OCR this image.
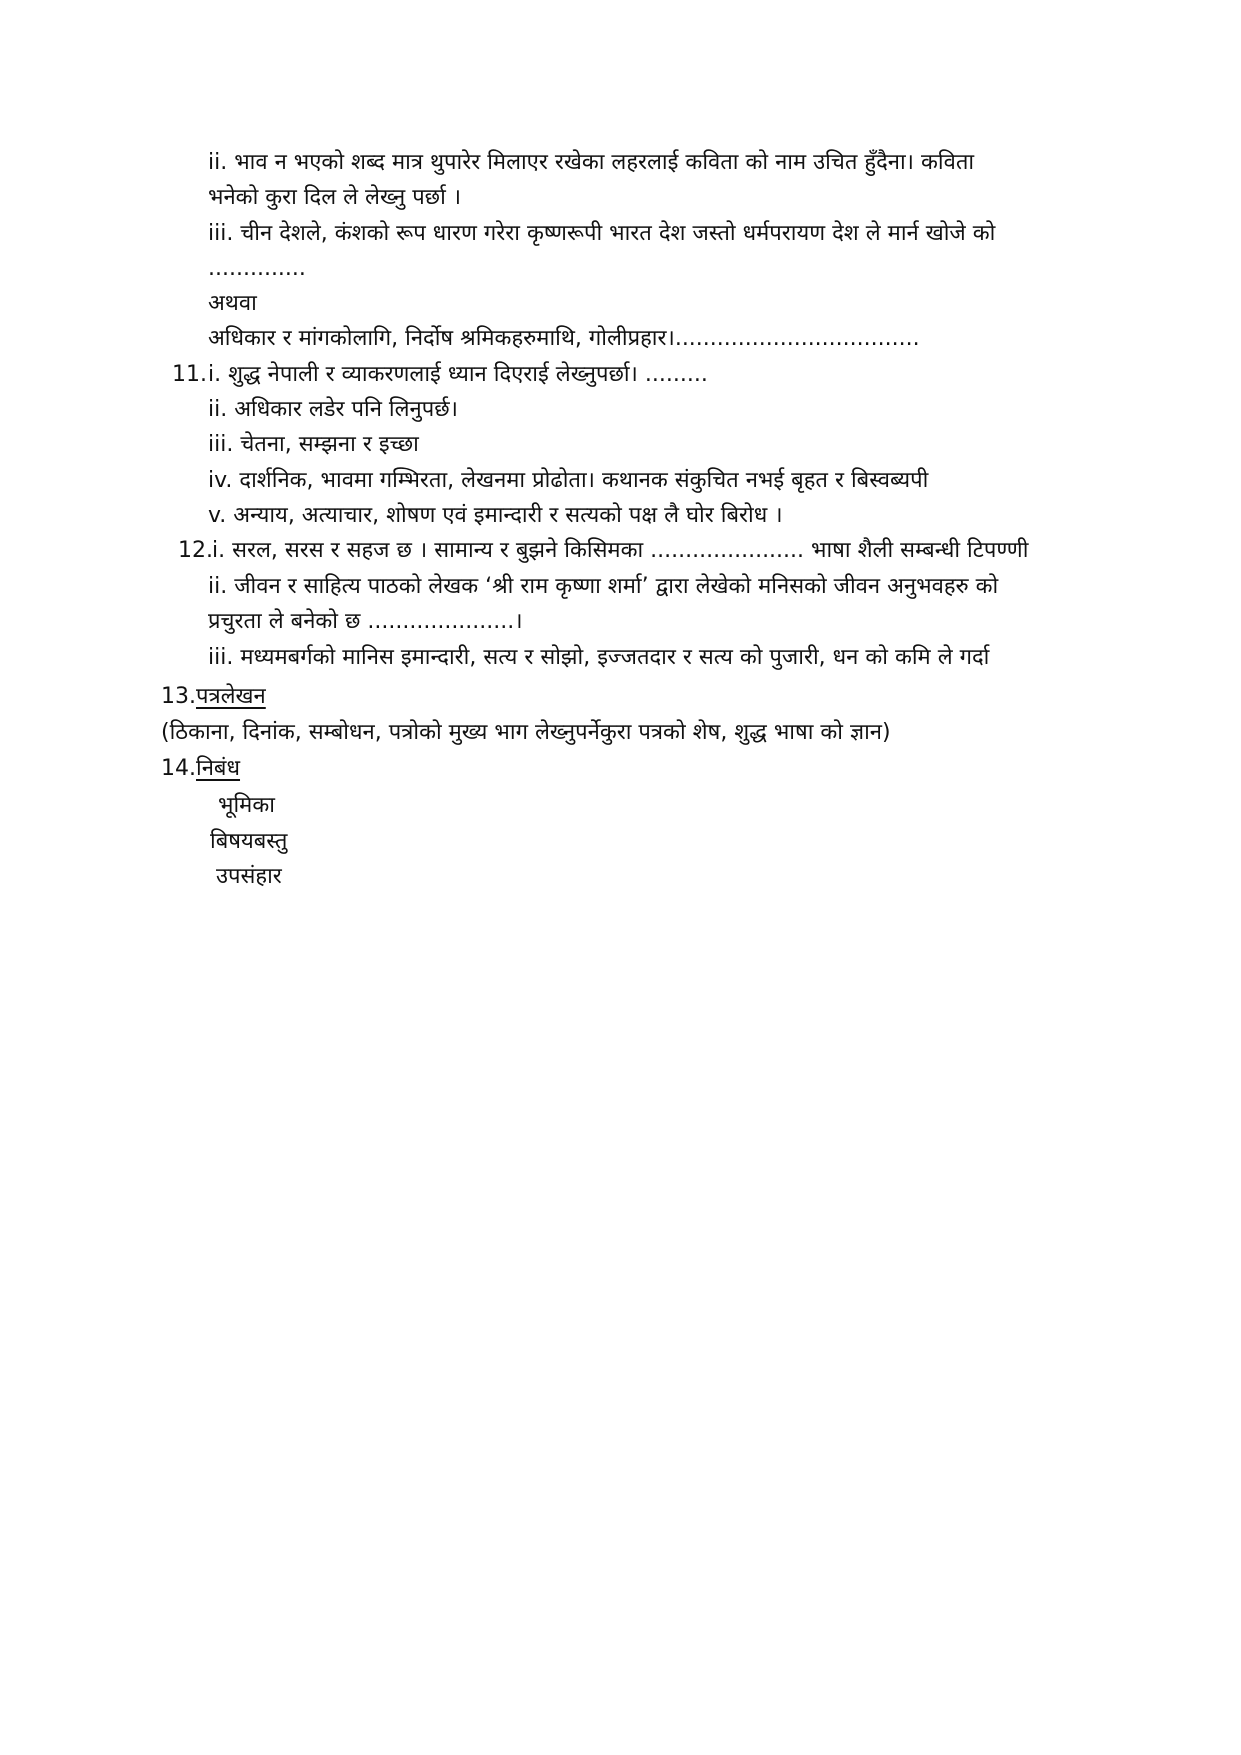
ii. भाव न भएको शब्द मात्र थुपारेर मिलाएर रखेका लहरलाई कविता को नाम उचित हुँदैना। कविता
भनेको कुरा दिल ले लेख्नु पर्छा ।
iii. चीन देशले, कंशको रूप धारण गरेरा कृष्णरूपी भारत देश जस्तो धर्मपरायण देश ले मार्न खोजे को
..............
अथवा
अधिकार र मांगकोलागि, निर्दोष श्रमिकहरुमाथि, गोलीप्रहार।...................................
11. i. शुद्ध नेपाली र व्याकरणलाई ध्यान दिएराई लेख्नुपर्छा। .........
ii. अधिकार लडेर पनि लिनुपर्छ।
iii. चेतना, सम्झना र इच्छा
iv. दार्शनिक, भावमा गम्भिरता, लेखनमा प्रोढोता। कथानक संकुचित नभई बृहत र बिस्वब्यपी
v. अन्याय, अत्याचार, शोषण एवं इमान्दारी र सत्यको पक्ष लै घोर बिरोध ।
12. i. सरल, सरस र सहज छ । सामान्य र बुझने किसिमका ...................... भाषा शैली सम्बन्धी टिपण्णी
ii. जीवन र साहित्य पाठको लेखक ‘श्री राम कृष्णा शर्मा’ द्वारा लेखेको मनिसको जीवन अनुभवहरु को
प्रचुरता ले बनेको छ .....................।
iii. मध्यमबर्गको मानिस इमान्दारी, सत्य र सोझो, इज्जतदार र सत्य को पुजारी, धन को कमि ले गर्दा
13. पत्रलेखन
(ठिकाना, दिनांक, सम्बोधन, पत्रोको मुख्य भाग लेख्नुपर्नेकुरा पत्रको शेष, शुद्ध भाषा को ज्ञान)
14. निबंध
भूमिका
बिषयबस्तु
उपसंहार
